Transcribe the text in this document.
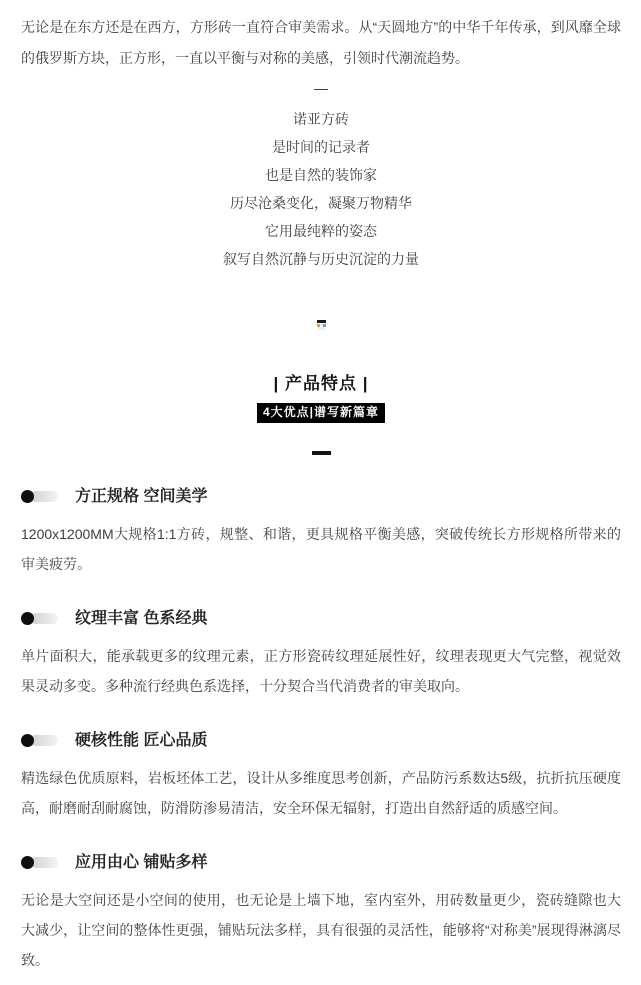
无论是在东方还是在西方，方形砖一直符合审美需求。从“天圆地方”的中华千年传承，到风靡全球的俄罗斯方块，正方形，一直以平衡与对称的美感，引领时代潮流趋势。

—

诺亚方砖

是时间的记录者

也是自然的装饰家

历尽沧桑变化，凝聚万物精华

它用最纯粹的姿态

叙写自然沉静与历史沉淀的力量

| 产品特点 |
4大优点|谱写新篇章
方正规格 空间美学

1200x1200MM大规格1:1方砖，规整、和谐，更具规格平衡美感，突破传统长方形规格所带来的审美疲劳。

纹理丰富 色系经典

单片面积大，能承载更多的纹理元素，正方形瓷砖纹理延展性好，纹理表现更大气完整，视觉效果灵动多变。多种流行经典色系选择，十分契合当代消费者的审美取向。

硬核性能 匠心品质

精选绿色优质原料，岩板坯体工艺，设计从多维度思考创新，产品防污系数达5级，抗折抗压硬度高，耐磨耐刮耐腐蚀，防滑防渗易清洁，安全环保无辐射，打造出自然舒适的质感空间。

应用由心 铺贴多样

无论是大空间还是小空间的使用，也无论是上墙下地，室内室外，用砖数量更少，瓷砖缝隙也大大减少，让空间的整体性更强，铺贴玩法多样，具有很强的灵活性，能够将“对称美”展现得淋漓尽致。
